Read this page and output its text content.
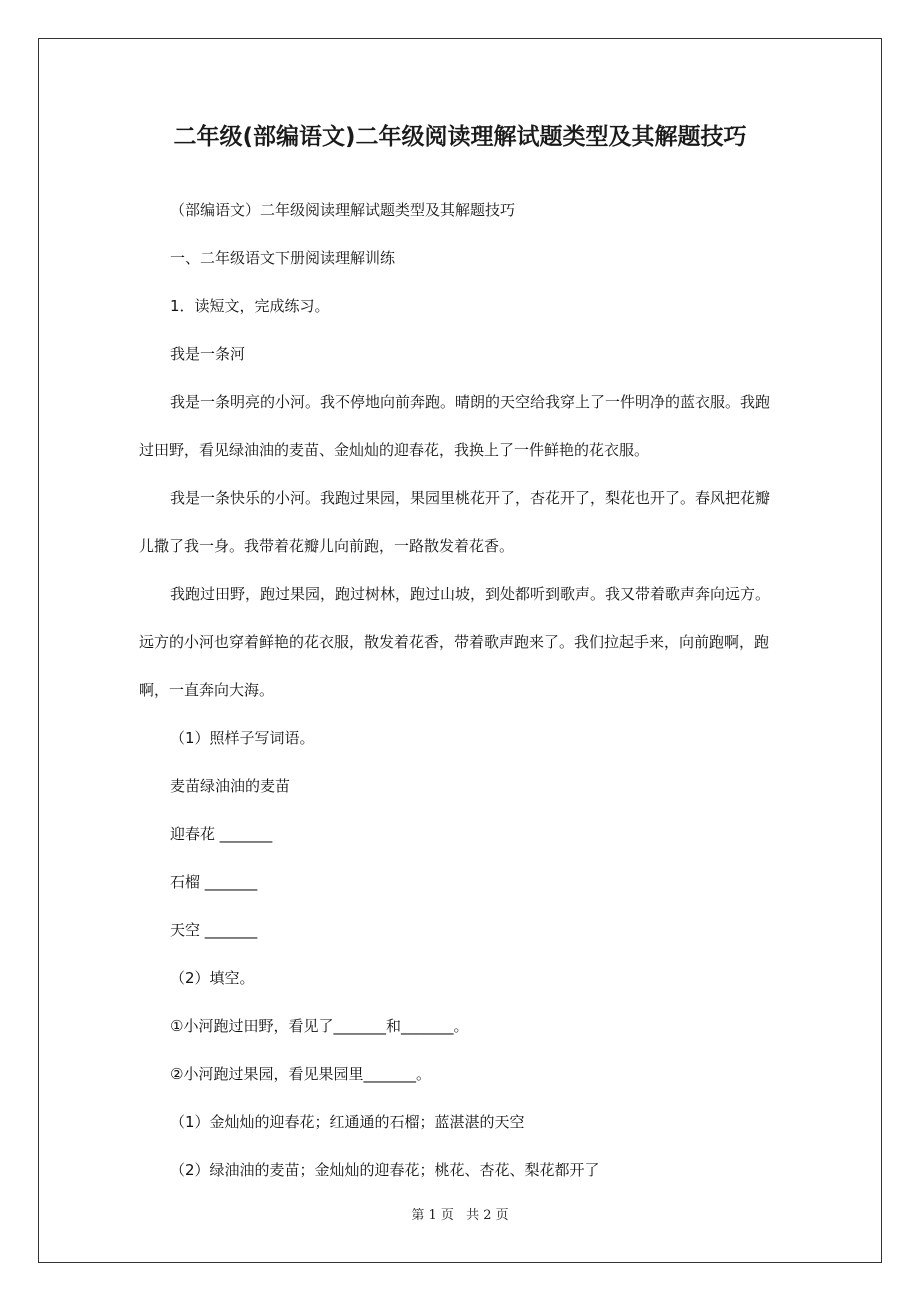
二年级(部编语文)二年级阅读理解试题类型及其解题技巧

（部编语文）二年级阅读理解试题类型及其解题技巧

一、二年级语文下册阅读理解训练

1．读短文，完成练习。

我是一条河

我是一条明亮的小河。我不停地向前奔跑。晴朗的天空给我穿上了一件明净的蓝衣服。我跑

过田野，看见绿油油的麦苗、金灿灿的迎春花，我换上了一件鲜艳的花衣服。

我是一条快乐的小河。我跑过果园，果园里桃花开了，杏花开了，梨花也开了。春风把花瓣

儿撒了我一身。我带着花瓣儿向前跑，一路散发着花香。

我跑过田野，跑过果园，跑过树林，跑过山坡，到处都听到歌声。我又带着歌声奔向远方。

远方的小河也穿着鲜艳的花衣服，散发着花香，带着歌声跑来了。我们拉起手来，向前跑啊，跑

啊，一直奔向大海。

（1）照样子写词语。

麦苗绿油油的麦苗

迎春花 _______

石榴 _______

天空 _______

（2）填空。

①小河跑过田野，看见了_______和_______。

②小河跑过果园，看见果园里_______。

（1）金灿灿的迎春花；红通通的石榴；蓝湛湛的天空

（2）绿油油的麦苗；金灿灿的迎春花；桃花、杏花、梨花都开了

第 1 页 共 2 页
